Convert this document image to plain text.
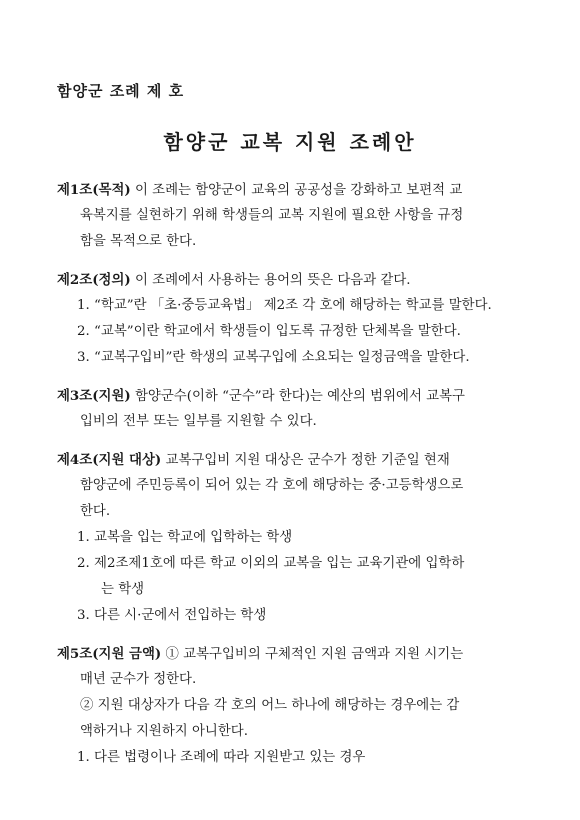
함양군 조례 제 호
함양군 교복 지원 조례안
제1조(목적) 이 조례는 함양군이 교육의 공공성을 강화하고 보편적 교
육복지를 실현하기 위해 학생들의 교복 지원에 필요한 사항을 규정
함을 목적으로 한다.
제2조(정의) 이 조례에서 사용하는 용어의 뜻은 다음과 같다.
1. “학교”란 「초·중등교육법」 제2조 각 호에 해당하는 학교를 말한다.
2. “교복”이란 학교에서 학생들이 입도록 규정한 단체복을 말한다.
3. “교복구입비”란 학생의 교복구입에 소요되는 일정금액을 말한다.
제3조(지원) 함양군수(이하 “군수”라 한다)는 예산의 범위에서 교복구
입비의 전부 또는 일부를 지원할 수 있다.
제4조(지원 대상) 교복구입비 지원 대상은 군수가 정한 기준일 현재
함양군에 주민등록이 되어 있는 각 호에 해당하는 중·고등학생으로
한다.
1. 교복을 입는 학교에 입학하는 학생
2. 제2조제1호에 따른 학교 이외의 교복을 입는 교육기관에 입학하
는 학생
3. 다른 시·군에서 전입하는 학생
제5조(지원 금액) ① 교복구입비의 구체적인 지원 금액과 지원 시기는
매년 군수가 정한다.
② 지원 대상자가 다음 각 호의 어느 하나에 해당하는 경우에는 감
액하거나 지원하지 아니한다.
1. 다른 법령이나 조례에 따라 지원받고 있는 경우
